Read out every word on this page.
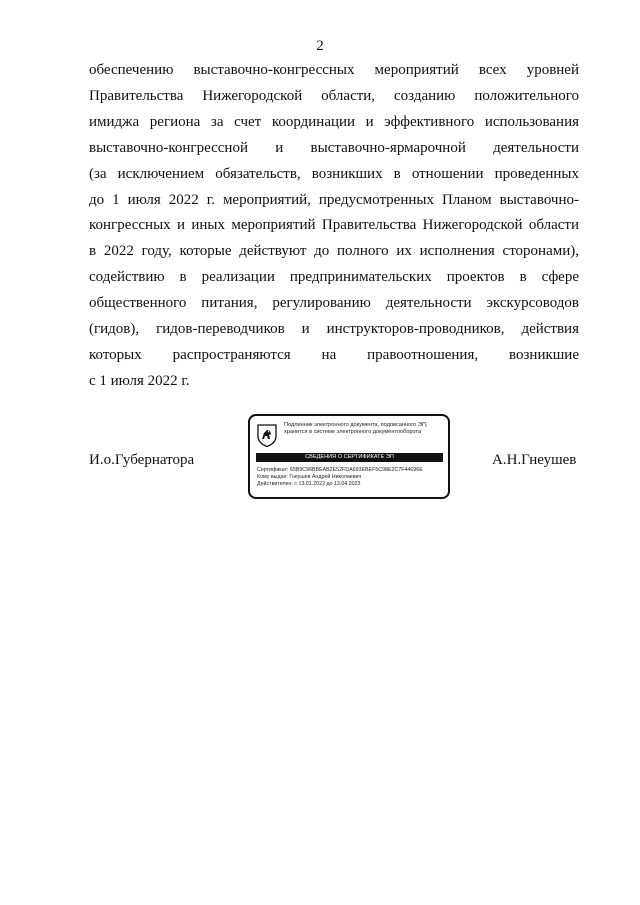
2
обеспечению выставочно-конгрессных мероприятий всех уровней
Правительства Нижегородской области, созданию положительного
имиджа региона за счет координации и эффективного использования
выставочно-конгрессной и выставочно-ярмарочной деятельности
(за исключением обязательств, возникших в отношении проведенных
до 1 июля 2022 г. мероприятий, предусмотренных Планом выставочно-
конгрессных и иных мероприятий Правительства Нижегородской области
в 2022 году, которые действуют до полного их исполнения сторонами),
содействию в реализации предпринимательских проектов в сфере
общественного питания, регулированию деятельности экскурсоводов
(гидов), гидов-переводчиков и инструкторов-проводников, действия
которых распространяются на правоотношения, возникшие
с 1 июля 2022 г.
И.о.Губернатора
Подлинник электронного документа, подписанного ЭП,
хранится в системе электронного документооборота
СВЕДЕНИЯ О СЕРТИФИКАТЕ ЭП
Сертификат: 65B9C96BBEAB2E52FDA693EBEF5C98E2C7F44696E
Кому выдан: Гнеушев Андрей Николаевич
Действителен: с 13.01.2022 до 13.04.2023
А.Н.Гнеушев
